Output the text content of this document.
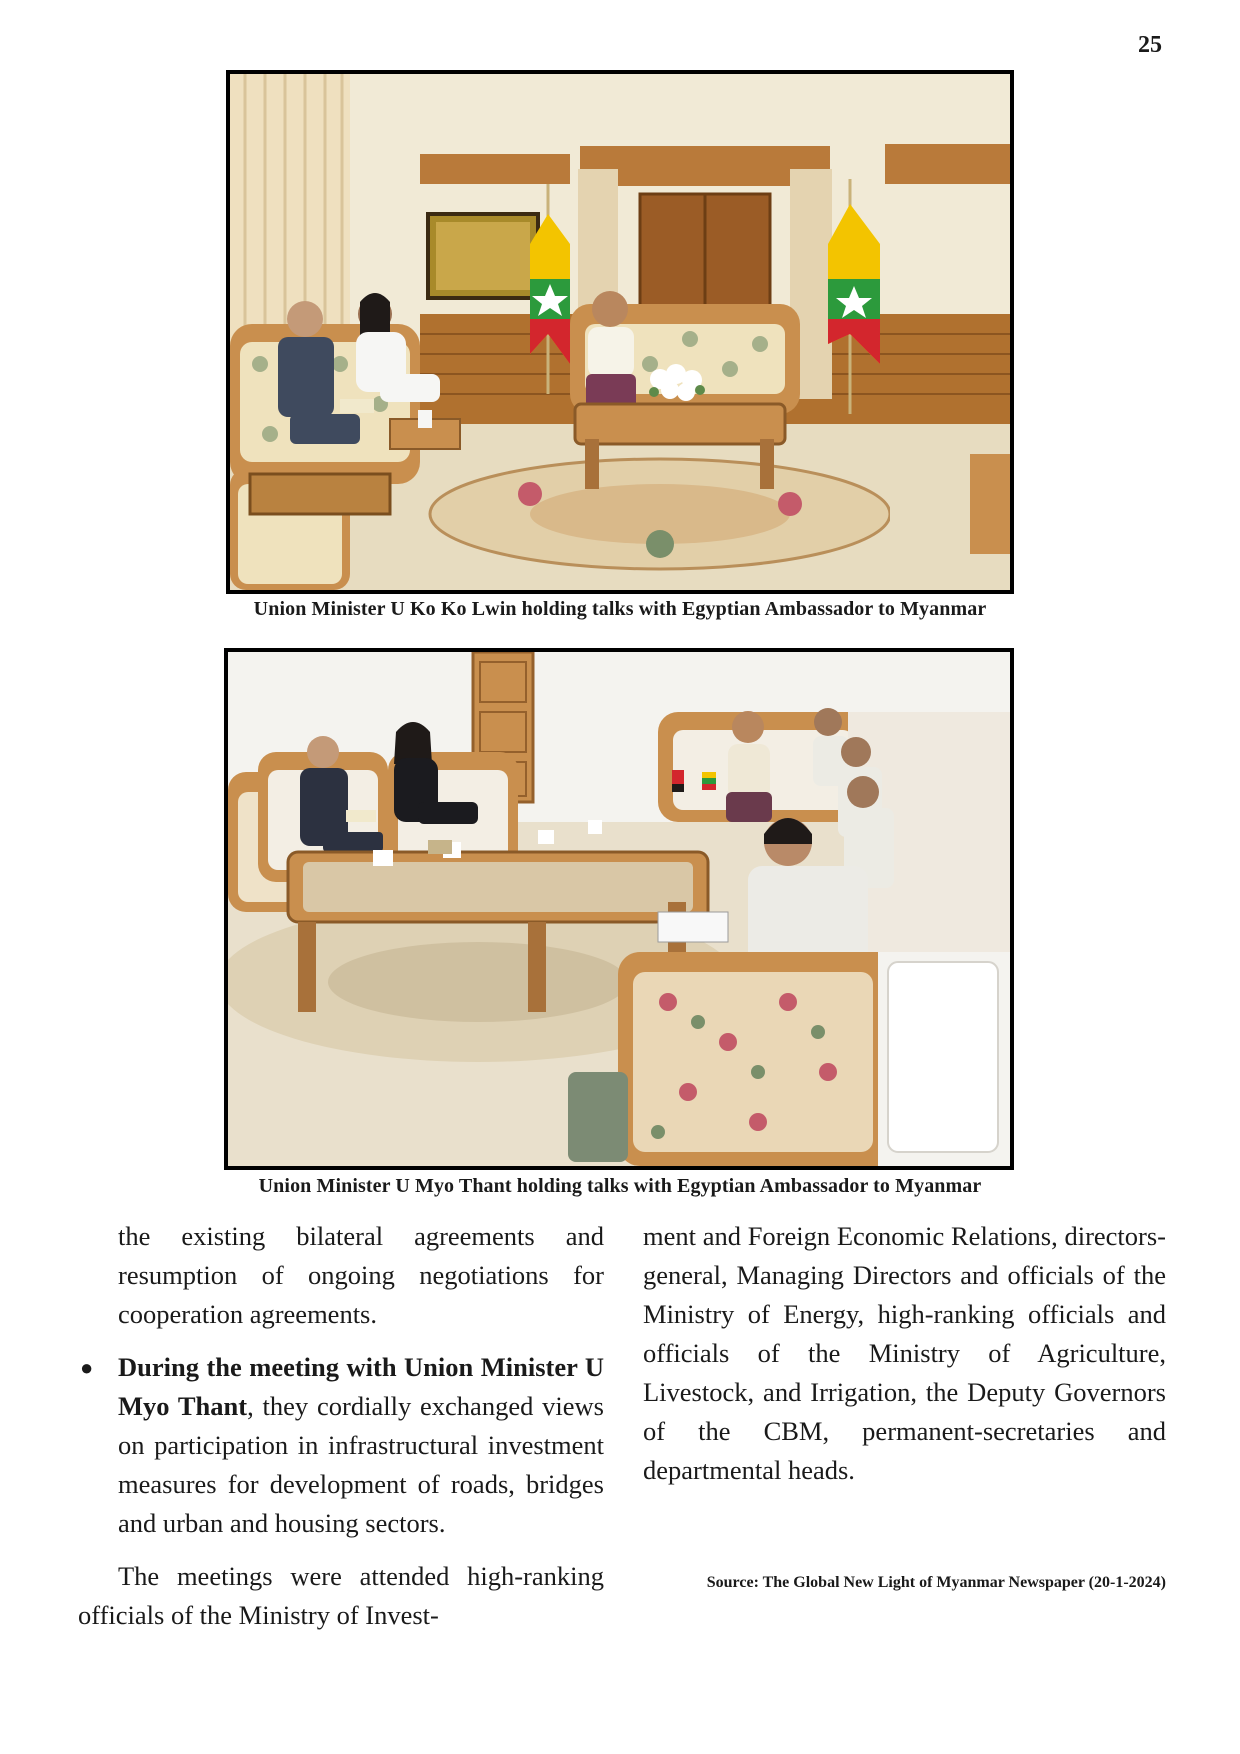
25
Union Minister U Ko Ko Lwin holding talks with Egyptian Ambassador to Myanmar
Union Minister U Myo Thant holding talks with Egyptian Ambassador to Myanmar

the existing bilateral agreements and resumption of ongoing negotiations for cooperation agreements.

● During the meeting with Union Minister U Myo Thant, they cordially exchanged views on participation in infrastructural investment measures for development of roads, bridges and urban and housing sectors.

The meetings were attended high-ranking officials of the Ministry of Invest-

ment and Foreign Economic Relations, directors-general, Managing Directors and officials of the Ministry of Energy, high-ranking officials and officials of the Ministry of Agriculture, Livestock, and Irrigation, the Deputy Governors of the CBM, permanent-secretaries and departmental heads.

Source: The Global New Light of Myanmar Newspaper (20-1-2024)
